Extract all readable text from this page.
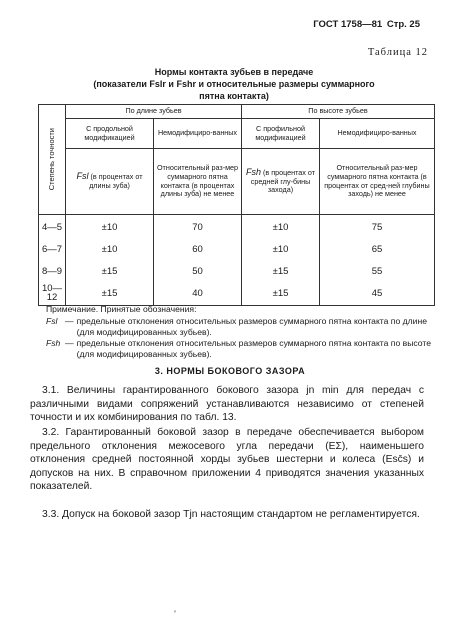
ГОСТ 1758—81 Стр. 25
Таблица 12
Нормы контакта зубьев в передаче
(показатели Fslr и Fshr и относительные размеры суммарного
пятна контакта)
Степень точности	По длине зубьев		По высоте зубьев	
	С продольной модификацией	Немодифициро-ванных	С профильной модификацией	Немодифициро-ванных
	Fsl (в процентах от длины зуба)	Относительный раз-мер суммарного пятна контакта (в процентах длины зуба) не менее	Fsh (в процентах от средней глу-бины захода)	Относительный раз-мер суммарного пятна контакта (в процентах от сред-ней глубины заходь) не менее
4—5	±10	70	±10	75
6—7	±10	60	±10	65
8—9	±15	50	±15	55
10—12	±15	40	±15	45
Примечание. Принятые обозначения:
Fsl — предельные отклонения относительных размеров суммарного пятна контакта по длине (для модифицированных зубьев).
Fsh — предельные отклонения относительных размеров суммарного пятна контакта по высоте (для модифицированных зубьев).
3. НОРМЫ БОКОВОГО ЗАЗОРА
3.1. Величины гарантированного бокового зазора jn min для передач с различными видами сопряжений устанавливаются независимо от степеней точности и их комбинирования по табл. 13.
3.2. Гарантированный боковой зазор в передаче обеспечивается выбором предельного отклонения межосевого угла передачи (EΣ), наименьшего отклонения средней постоянной хорды зубьев шестерни и колеса (Esc̄s) и допусков на них. В справочном приложении 4 приводятся значения указанных показателей.
3.3. Допуск на боковой зазор Tjn настоящим стандартом не регламентируется.
ⁿ
